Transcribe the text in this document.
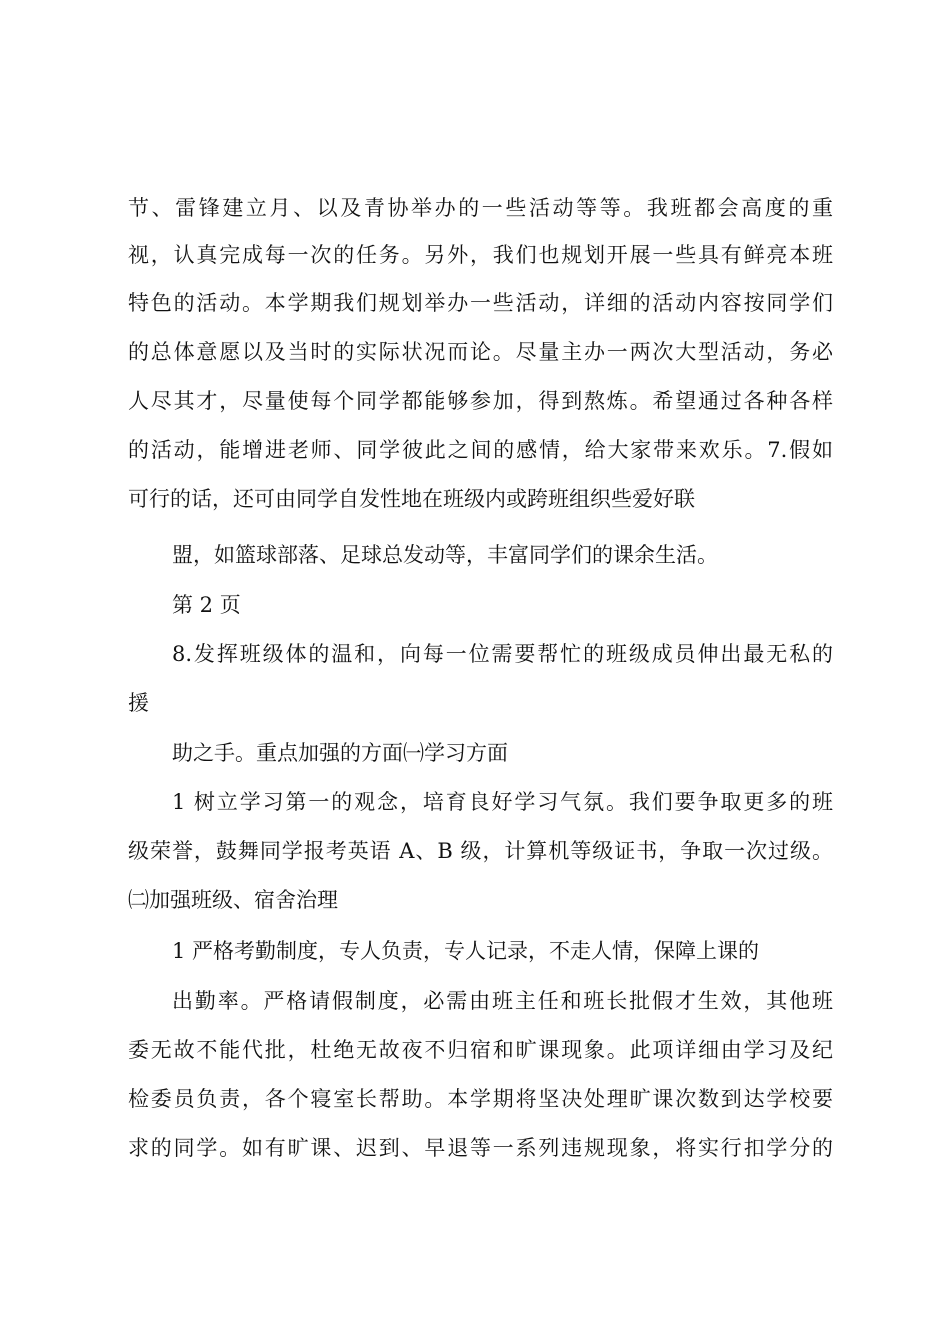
节、雷锋建立月、以及青协举办的一些活动等等。我班都会高度的重
视，认真完成每一次的任务。另外，我们也规划开展一些具有鲜亮本班
特色的活动。本学期我们规划举办一些活动，详细的活动内容按同学们
的总体意愿以及当时的实际状况而论。尽量主办一两次大型活动，务必
人尽其才，尽量使每个同学都能够参加，得到熬炼。希望通过各种各样
的活动，能增进老师、同学彼此之间的感情，给大家带来欢乐。7.假如
可行的话，还可由同学自发性地在班级内或跨班组织些爱好联
盟，如篮球部落、足球总发动等，丰富同学们的课余生活。
第 2 页
8.发挥班级体的温和，向每一位需要帮忙的班级成员伸出最无私的
援
助之手。重点加强的方面㈠学习方面
1 树立学习第一的观念，培育良好学习气氛。我们要争取更多的班
级荣誉，鼓舞同学报考英语 A、B 级，计算机等级证书，争取一次过级。
㈡加强班级、宿舍治理
1 严格考勤制度，专人负责，专人记录，不走人情，保障上课的
出勤率。严格请假制度，必需由班主任和班长批假才生效，其他班
委无故不能代批，杜绝无故夜不归宿和旷课现象。此项详细由学习及纪
检委员负责，各个寝室长帮助。本学期将坚决处理旷课次数到达学校要
求的同学。如有旷课、迟到、早退等一系列违规现象，将实行扣学分的
